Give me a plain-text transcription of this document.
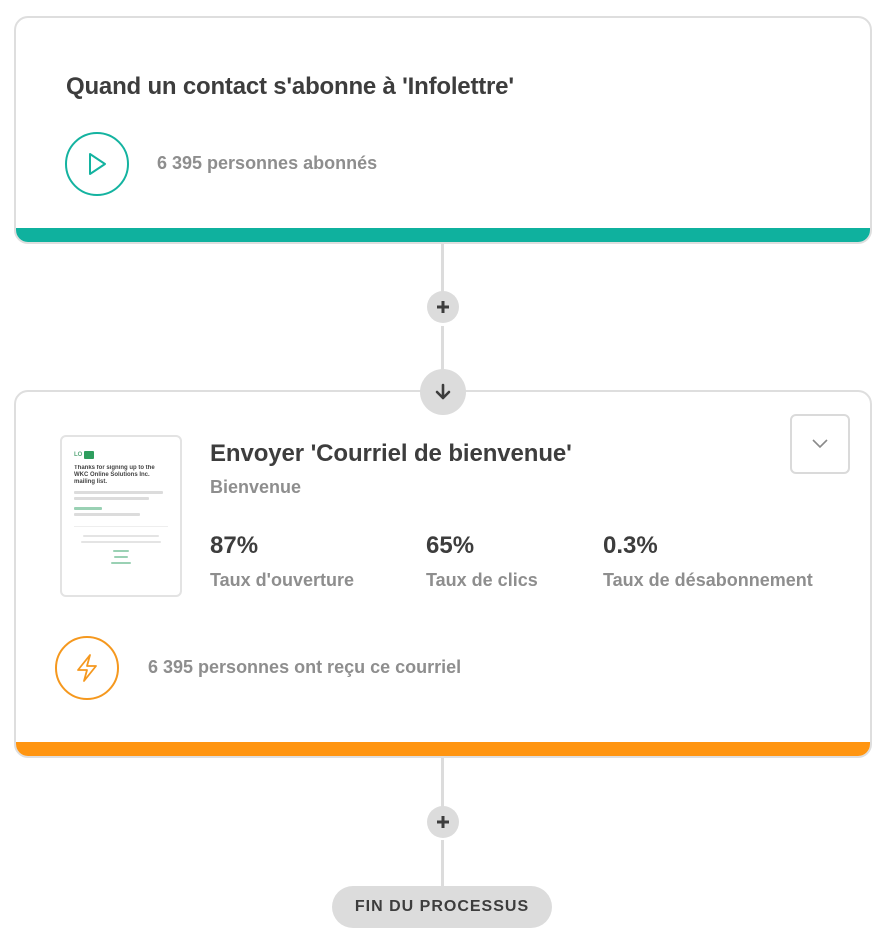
Quand un contact s'abonne à 'Infolettre'
6 395 personnes abonnés
LO
Thanks for signing up to the WKC Online Solutions Inc. mailing list.
Envoyer 'Courriel de bienvenue'
Bienvenue
87%
Taux d'ouverture
65%
Taux de clics
0.3%
Taux de désabonnement
6 395 personnes ont reçu ce courriel
FIN DU PROCESSUS
